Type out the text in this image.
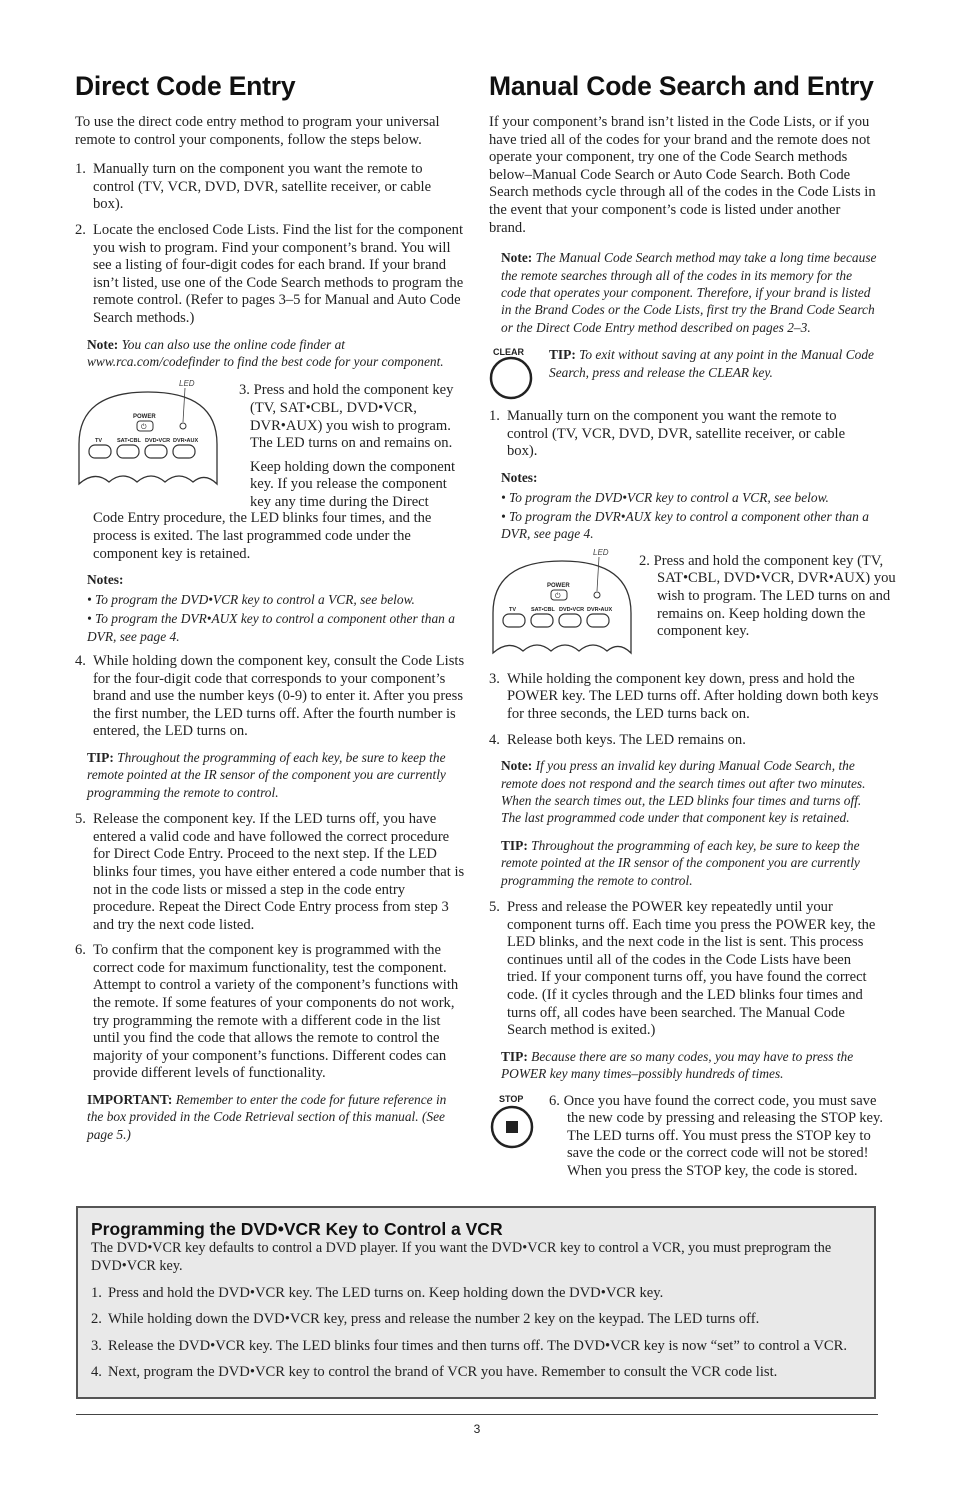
Direct Code Entry

To use the direct code entry method to program your universal remote to control your components, follow the steps below.

1. Manually turn on the component you want the remote to control (TV, VCR, DVD, DVR, satellite receiver, or cable box).
2. Locate the enclosed Code Lists. Find the list for the component you wish to program. Find your component’s brand. You will see a listing of four-digit codes for each brand. If your brand isn’t listed, use one of the Code Search methods to program the remote control. (Refer to pages 3–5 for Manual and Auto Code Search methods.)

Note: You can also use the online code finder at www.rca.com/codefinder to find the best code for your component.

LED
POWER
⏻
TV	SAT•CBL DVD•VCR DVR•AUX

3. Press and hold the component key (TV, SAT•CBL, DVD•VCR, DVR•AUX) you wish to program. The LED turns on and remains on.

Keep holding down the component key. If you release the component key any time during the Direct

Code Entry procedure, the LED blinks four times, and the process is exited. The last programmed code under the component key is retained.

Notes:

• To program the DVD•VCR key to control a VCR, see below.

• To program the DVR•AUX key to control a component other than a DVR, see page 4.

4. While holding down the component key, consult the Code Lists for the four-digit code that corresponds to your component’s brand and use the number keys (0-9) to enter it. After you press the first number, the LED turns off. After the fourth number is entered, the LED turns on.

TIP: Throughout the programming of each key, be sure to keep the remote pointed at the IR sensor of the component you are currently programming the remote to control.

5. Release the component key. If the LED turns off, you have entered a valid code and have followed the correct procedure for Direct Code Entry. Proceed to the next step. If the LED blinks four times, you have either entered a code number that is not in the code lists or missed a step in the code entry procedure. Repeat the Direct Code Entry process from step 3 and try the next code listed.
6. To confirm that the component key is programmed with the correct code for maximum functionality, test the component. Attempt to control a variety of the component’s functions with the remote. If some features of your components do not work, try programming the remote with a different code in the list until you find the code that allows the remote to control the majority of your component’s functions. Different codes can provide different levels of functionality.

IMPORTANT: Remember to enter the code for future reference in the box provided in the Code Retrieval section of this manual. (See page 5.)

Manual Code Search and Entry

If your component’s brand isn’t listed in the Code Lists, or if you have tried all of the codes for your brand and the remote does not operate your component, try one of the Code Search methods below–Manual Code Search or Auto Code Search. Both Code Search methods cycle through all of the codes in the Code Lists in the event that your component’s code is listed under another brand.

Note: The Manual Code Search method may take a long time because the remote searches through all of the codes in its memory for the code that operates your component. Therefore, if your brand is listed in the Brand Codes or the Code Lists, first try the Brand Code Search or the Direct Code Entry method described on pages 2–3.

CLEAR TIP: To exit without saving at any point in the Manual Code Search, press and release the CLEAR key.

1. Manually turn on the component you want the remote to control (TV, VCR, DVD, DVR, satellite receiver, or cable box).

Notes:

• To program the DVD•VCR key to control a VCR, see below.

• To program the DVR•AUX key to control a component other than a DVR, see page 4.

LED
POWER
⏻
TV	SAT•CBL DVD•VCR DVR•AUX

2. Press and hold the component key (TV, SAT•CBL, DVD•VCR, DVR•AUX) you wish to program. The LED turns on and remains on. Keep holding down the component key.

3. While holding the component key down, press and hold the POWER key. The LED turns off. After holding down both keys for three seconds, the LED turns back on.
4. Release both keys. The LED remains on.

Note: If you press an invalid key during Manual Code Search, the remote does not respond and the search times out after two minutes. When the search times out, the LED blinks four times and turns off. The last programmed code under that component key is retained.

TIP: Throughout the programming of each key, be sure to keep the remote pointed at the IR sensor of the component you are currently programming the remote to control.

5. Press and release the POWER key repeatedly until your component turns off. Each time you press the POWER key, the LED blinks, and the next code in the list is sent. This process continues until all of the codes in the Code Lists have been tried. If your component turns off, you have found the correct code. (If it cycles through and the LED blinks four times and turns off, all codes have been searched. The Manual Code Search method is exited.)

TIP: Because there are so many codes, you may have to press the POWER key many times–possibly hundreds of times.

STOP 6. Once you have found the correct code, you must save the new code by pressing and releasing the STOP key. The LED turns off. You must press the STOP key to save the code or the correct code will not be stored! When you press the STOP key, the code is stored.

Programming the DVD•VCR Key to Control a VCR

The DVD•VCR key defaults to control a DVD player. If you want the DVD•VCR key to control a VCR, you must preprogram the DVD•VCR key.

1. Press and hold the DVD•VCR key. The LED turns on. Keep holding down the DVD•VCR key.
2. While holding down the DVD•VCR key, press and release the number 2 key on the keypad. The LED turns off.
3. Release the DVD•VCR key. The LED blinks four times and then turns off. The DVD•VCR key is now “set” to control a VCR.
4. Next, program the DVD•VCR key to control the brand of VCR you have. Remember to consult the VCR code list.
3
